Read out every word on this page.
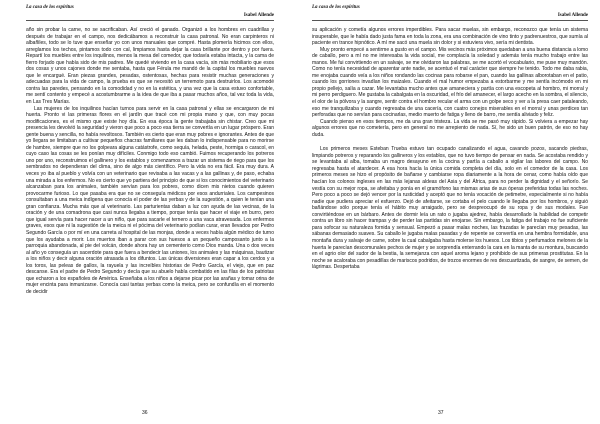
La casa de los espíritus
Isabel Allende

año sin probar la carne, no se sacrificaban. Así creció el ganado. Organizó a los hombres en cuadrillas y después de trabajar en el campo, nos dedicábamos a reconstruir la casa patronal. No eran carpinteros ni albañiles, todo se lo tuve que enseñar yo con unos manuales que compré. Hasta plomería hicimos con ellos, arreglamos los techos, pintamos todo con cal, limpiamos hasta dejar la casa brillante por dentro y por fuera. Repartí los muebles entre los inquilinos, menos la mesa del comedor, que todavía estaba intacta, y la cama de fierro forjado que había sido de mis padres. Me quedé viviendo en la casa vacía, sin más mobiliario que esos dos cosas y unos cajones donde me sentaba, hasta que Férula me mandó de la capital los muebles nuevos que le encargué. Eran piezas grandes, pesadas, ostentosas, hechas para resistir muchas generaciones y adecuadas para la vida de campo, la prueba es que se necesitó un terremoto para destruirlos. Los acomodé contra las paredes, pensando en la comodidad y no en la estética, y una vez que la casa estuvo confortable, me sentí contento y empecé a acostumbrarme a la idea de que iba a pasar muchos años, tal vez toda la vida, en Las Tres Marías.

Las mujeres de los inquilinos hacían turnos para servir en la casa patronal y ellas se encargaron de mi huerta. Pronto vi las primeras flores en el jardín que tracé con mi propia mano y que, con muy pocas modificaciones, es el mismo que existe hoy día. En esa época la gente trabajaba sin chistar. Creo que mi presencia les devolvió la seguridad y vieron que poco a poco esa tierra se convertía en un lugar próspero. Eran gente buena y sencilla, no había revoltosos. También es cierto que eran muy pobres e ignorantes. Antes de que yo llegara se limitaban a cultivar pequeños chacras familiares que les daban lo indispensable para no morirse de hambre, siempre que no los golpeara alguna catástrofe, como sequía, helada, peste, hormiga o caracol, en cuyo caso las cosas se les ponían muy difíciles. Conmigo todo eso cambió. Fuimos recuperando los potreros uno por uno, reconstruimos el gallinero y los establos y comenzamos a trazar un sistema de riego para que los sembrados no dependieran del clima, sino de algo más científico. Pero la vida no era fácil. Era muy dura. A veces yo iba al pueblo y volvía con un veterinario que revisaba a las vacas y a las gallinas y, de paso, echaba una mirada a los enfermos. No es cierto que yo partiera del principio de que si los conocimientos del veterinario alcanzaban para los animales, también servían para los pobres, como dicen mis nietos cuando quieren provocarme furioso. Lo que pasaba era que no se conseguía médicos por esos andurriales. Los campesinos consultaban a una meica indígena que conocía el poder de las yerbas y de la sugestión, a quien le tenían una gran confianza. Mucha más que al veterinario. Las parturientas daban a luz con ayuda de las vecinas, de la oración y de una comadrona que casi nunca llegaba a tiempo, porque tenía que hacer el viaje en burro, pero que igual servía para hacer nacer a un niño, que para sacarle el ternero a una vaca atravesada. Los enfermos graves, esos que ni la sugestión de la meica ni el pócima del veterinario podían curar, eran llevados por Pedro Segundo García o por mí en una carreta al hospital de las monjas, donde a veces había algún médico de turno que los ayudaba a morir. Los muertos iban a parar con sus huesos a un pequeño camposanto junto a la parroquia abandonada, al pie del volcán, donde ahora hay un cementerio como Dios manda. Una o dos veces al año yo conseguía un sacerdote para que fuera a bendecir las uniones, los animales y las máquinas, bautizar a los niños y decir alguna oración atrasada a los difuntos. Las únicas diversiones eran capar a los cerdos y a los toros, las peleas de gallos, la rayuela y las increíbles historias de Pedro García, el viejo, que en paz descanse. Era el padre de Pedro Segundo y decía que su abuelo había combatido en las filas de los patriotas que echaron a los españoles de América. Enseñaba a los niños a dejarse picar por las arañas y tomar orina de mujer encinta para inmunizarse. Conocía casi tantas yerbas como la meica, pero se confundía en el momento de decidir

36
La casa de los espíritus
Isabel Allende

su aplicación y cometía algunos errores imperdibles. Para sacar muelas, sin embargo, reconozco que tenía un sistema insuperable, que le había dado justa fama en toda la zona, era una combinación de vino tinto y padrenuestros, que sumía al paciente en trance hipnótico. A mí me sacó una muela sin dolor y si estuviera vivo, sería mi dentista.

Muy pronto empecé a sentirme a gusto en el campo. Mis vecinos más próximos quedaban a una buena distancia a lomo de caballo, pero a mí no me interesaba la vida social, me complacía la soledad y además tenía mucho trabajo entre las manos. Me fui convirtiendo en un salvaje, se me olvidaron las palabras, se me acortó el vocabulario, me puse muy mandón. Como no tenía necesidad de aparentar ante nadie, se acentuó el mal carácter que siempre he tenido. Todo me daba rabia, me enojaba cuando veía a los niños rondando las cocinas para robarse el pan, cuando las gallinas alborotaban en el patio, cuando los gorriones invadían los maizales. Cuando el mal humor empezaba a estorbarme y me sentía incómodo en mi propio pellejo, salía a cazar. Me levantaba mucho antes que amaneciera y partía con una escopeta al hombro, mi morral y mi perro perdiguero. Me gustaba la cabalgata en la oscuridad, el frío del amanecer, el largo acecho en la sombra, el silencio, el olor de la pólvora y la sangre, sentir contra el hombro recular el arma con un golpe seco y ver a la presa caer pataleando, eso me tranquilizaba y cuando regresaba de una cacería, con cuatro conejos miserables en el morral y unas perdices tan perforadas que no servían para cocinarlas, medio muerto de fatiga y lleno de barro, me sentía aliviado y feliz.

Cuando pienso en esos tiempos, me da una gran tristeza. La vida se me pasó muy rápido. Si volviera a empezar hay algunos errores que no cometería, pero en general no me arrepiento de nada. Sí, he sido un buen patrón, de eso no hay duda.

Los primeros meses Esteban Trueba estuvo tan ocupado canalizando el agua, cavando pozos, sacando piedras, limpiando potreros y reparando los gallineros y los establos, que no tuvo tiempo de pensar en nada. Se acostaba rendido y se levantaba al alba, tomaba un magro desayuno en la cocina y partía a caballo a vigilar las labores del campo. No regresaba hasta el atardecer. A esa hora hacía la única comida completa del día, solo en el comedor de la casa. Los primeros meses se hizo el propósito de bañarse y cambiarse ropa diariamente a la hora de cenar, como había oído que hacían los colonos ingleses en las más lejanas aldeas del Asia y del África, para no perder la dignidad y el señorío. Se vestía con su mejor ropa, se afeitaba y ponía en el gramófono las mismas arias de sus óperas preferidas todas las noches. Pero poco a poco se dejó vencer por la rusticidad y aceptó que no tenía vocación de petimetre, especialmente si no había nadie que pudiera apreciar el esfuerzo. Dejó de afeitarse, se cortaba el pelo cuando le llegaba por los hombros, y siguió bañándose sólo porque tenía el hábito muy arraigado, pero se despreocupó de su ropa y de sus modales. Fue convirtiéndose en un bárbaro. Antes de dormir leía un rato o jugaba ajedrez, había desarrollado la habilidad de competir contra un libro sin hacer trampas y de perder las partidas sin enojarse. Sin embargo, la fatiga del trabajo no fue suficiente para sofocar su naturaleza fornida y sensual. Empezó a pasar malas noches, las frazadas le parecían muy pesadas, las sábanas demasiado suaves. Su caballo le jugaba malas pasadas y de repente se convertía en una hembra formidable, una montaña dura y salvaje de carne, sobre la cual cabalgaba hasta molerse los huesos. Los tibios y perfumados melones de la huerta le parecían descomunales pechos de mujer y se sorprendía enterrando la cara en la manta de su montura, buscando en el agrio olor del sudor de la bestia, la semejanza con aquel aroma lejano y prohibido de sus primeras prostitutas. En la noche se acaloraba con pesadillas de mariscos podridos, de trozos enormes de res descuartizada, de sangre, de semen, de lágrimas. Despertaba

37
